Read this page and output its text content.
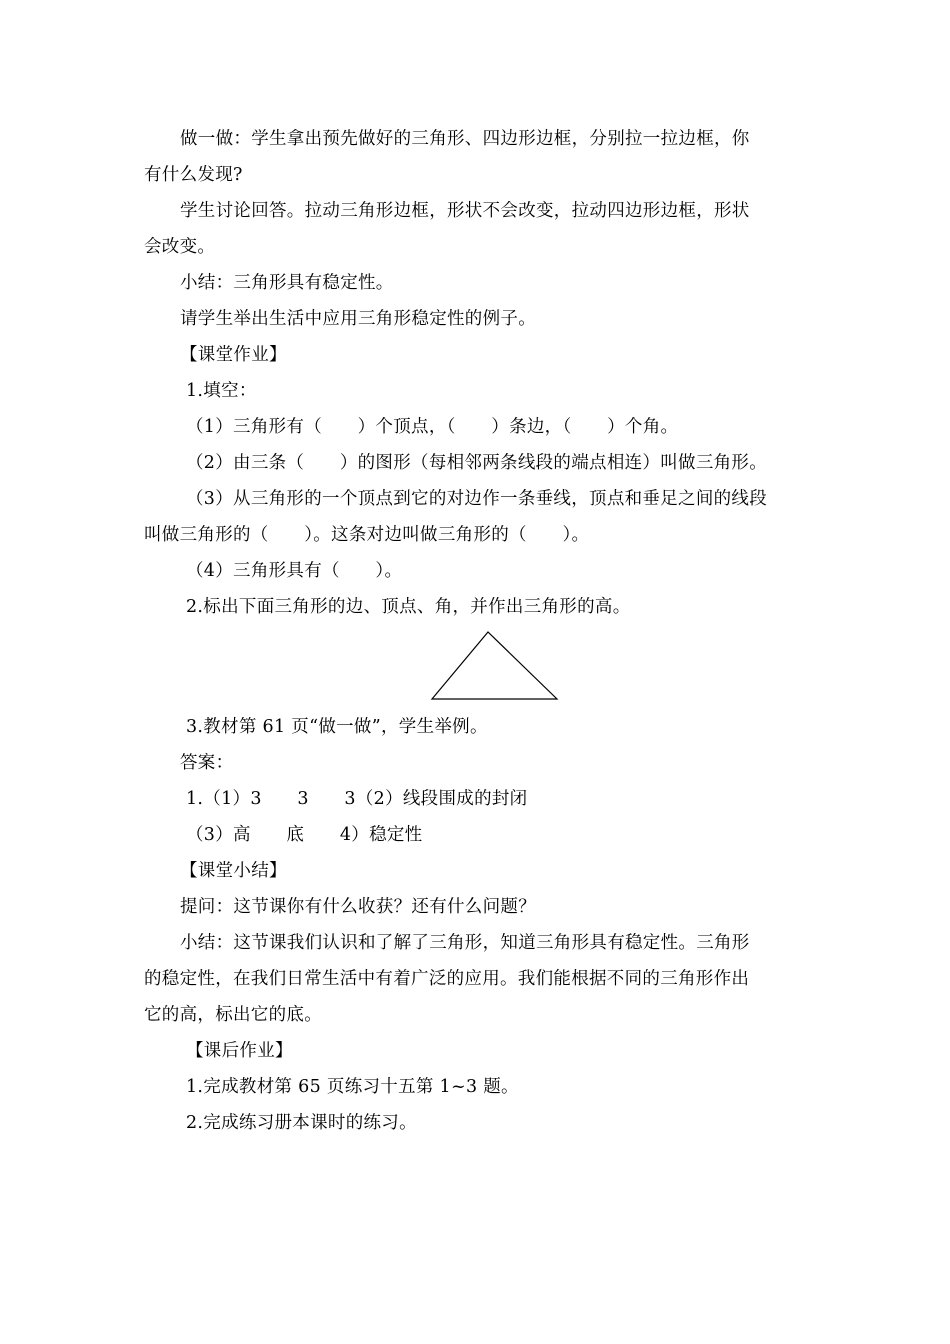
做一做：学生拿出预先做好的三角形、四边形边框，分别拉一拉边框，你
有什么发现?
学生讨论回答。拉动三角形边框，形状不会改变，拉动四边形边框，形状
会改变。
小结：三角形具有稳定性。
请学生举出生活中应用三角形稳定性的例子。
【课堂作业】
1.填空：
（1）三角形有（　　）个顶点，（　　）条边，（　　）个角。
（2）由三条（　　）的图形（每相邻两条线段的端点相连）叫做三角形。
（3）从三角形的一个顶点到它的对边作一条垂线，顶点和垂足之间的线段
叫做三角形的（　　）。这条对边叫做三角形的（　　）。
（4）三角形具有（　　）。
2.标出下面三角形的边、顶点、角，并作出三角形的高。
3.教材第 61 页“做一做”，学生举例。
答案：
1.（1）3　　3　　3（2）线段围成的封闭
（3）高　　底　　4）稳定性
【课堂小结】
提问：这节课你有什么收获？还有什么问题？
小结：这节课我们认识和了解了三角形，知道三角形具有稳定性。三角形
的稳定性，在我们日常生活中有着广泛的应用。我们能根据不同的三角形作出
它的高，标出它的底。
【课后作业】
1.完成教材第 65 页练习十五第 1~3 题。
2.完成练习册本课时的练习。
